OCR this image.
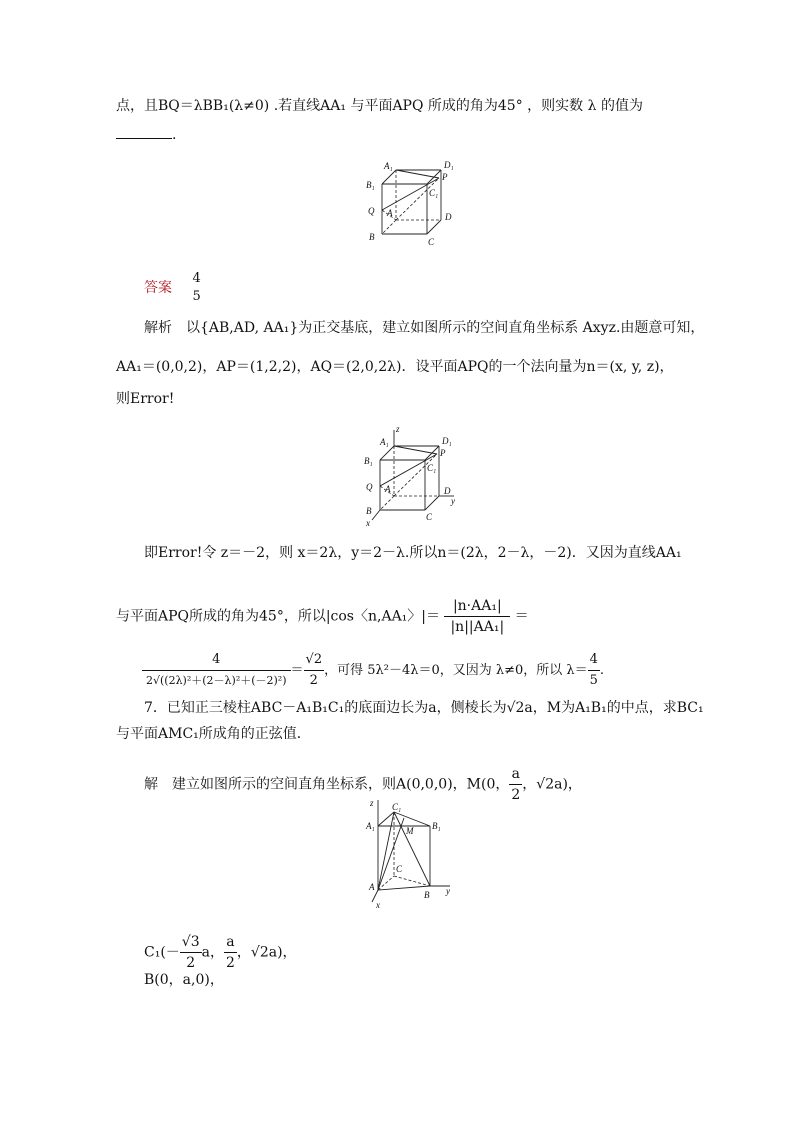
点，且BQ＝λBB₁(λ≠0) .若直线AA₁ 与平面APQ 所成的角为45° ，则实数 λ 的值为
.
A₁	D₁
B₁
P
C₁
Q A	D
B	C
答案
4
5
解析　以{AB,AD, AA₁}为正交基底，建立如图所示的空间直角坐标系 Axyz.由题意可知，
AA₁＝(0,0,2)，AP＝(1,2,2)，AQ＝(2,0,2λ)．设平面APQ的一个法向量为n＝(x, y, z)，
则Error!
z
A₁	D₁
B₁
P
C₁
Q A	D
y
B
C
x
即Error!令 z＝－2，则 x＝2λ，y＝2－λ.所以n＝(2λ，2－λ，－2)．又因为直线AA₁
与平面APQ所成的角为45°，所以|cos〈n,AA₁〉|＝ $\frac{\text{|n·AA₁|}}{\text{|n||AA₁|}}$ ＝
$\frac{4}{\text{2√((2λ)²＋(2－λ)²＋(－2)²)}} = \frac{√2}{2}$ ，可得 5λ²－4λ＝0，又因为 λ≠0，所以 $\lambda= \frac{4}{5}$ .
7．已知正三棱柱ABC－A₁B₁C₁的底面边长为a，侧棱长为√2a，M为A₁B₁的中点，求BC₁
与平面AMC₁所成角的正弦值．
解　建立如图所示的空间直角坐标系，则A(0,0,0)，M(0， $\frac{a}{2}$ ，√2a)，
z C₁
A₁	B₁
M
C
A
B y
x
$C_1(- \frac{√3}{2}$ a， $\frac{a}{2}$ ，√2a)，
B(0，a,0)，
